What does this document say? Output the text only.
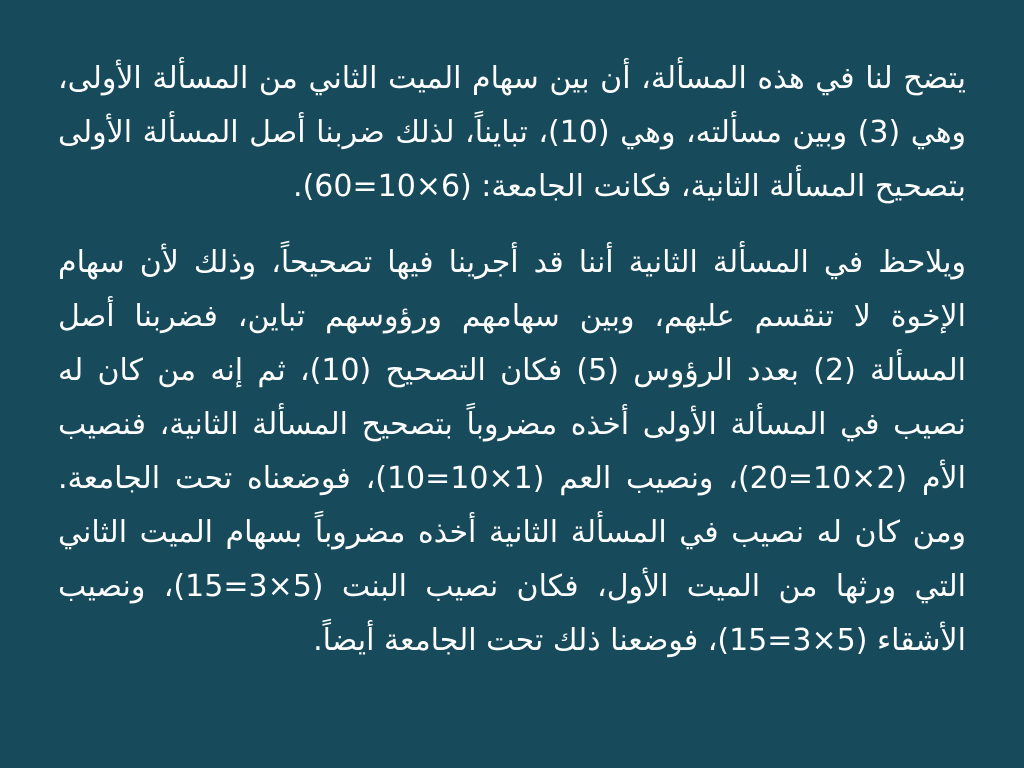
يتضح لنا في هذه المسألة، أن بين سهام الميت الثاني من المسألة الأولى، وهي (3) وبين مسألته، وهي (10)، تبايناً، لذلك ضربنا أصل المسألة الأولى بتصحيح المسألة الثانية، فكانت الجامعة: (6×10=60).

ويلاحظ في المسألة الثانية أننا قد أجرينا فيها تصحيحاً، وذلك لأن سهام الإخوة لا تنقسم عليهم، وبين سهامهم ورؤوسهم تباين، فضربنا أصل المسألة (2) بعدد الرؤوس (5) فكان التصحيح (10)، ثم إنه من كان له نصيب في المسألة الأولى أخذه مضروباً بتصحيح المسألة الثانية، فنصيب الأم (2×10=20)، ونصيب العم (1×10=10)، فوضعناه تحت الجامعة. ومن كان له نصيب في المسألة الثانية أخذه مضروباً بسهام الميت الثاني التي ورثها من الميت الأول، فكان نصيب البنت (5×3=15)، ونصيب الأشقاء (5×3=15)، فوضعنا ذلك تحت الجامعة أيضاً.
